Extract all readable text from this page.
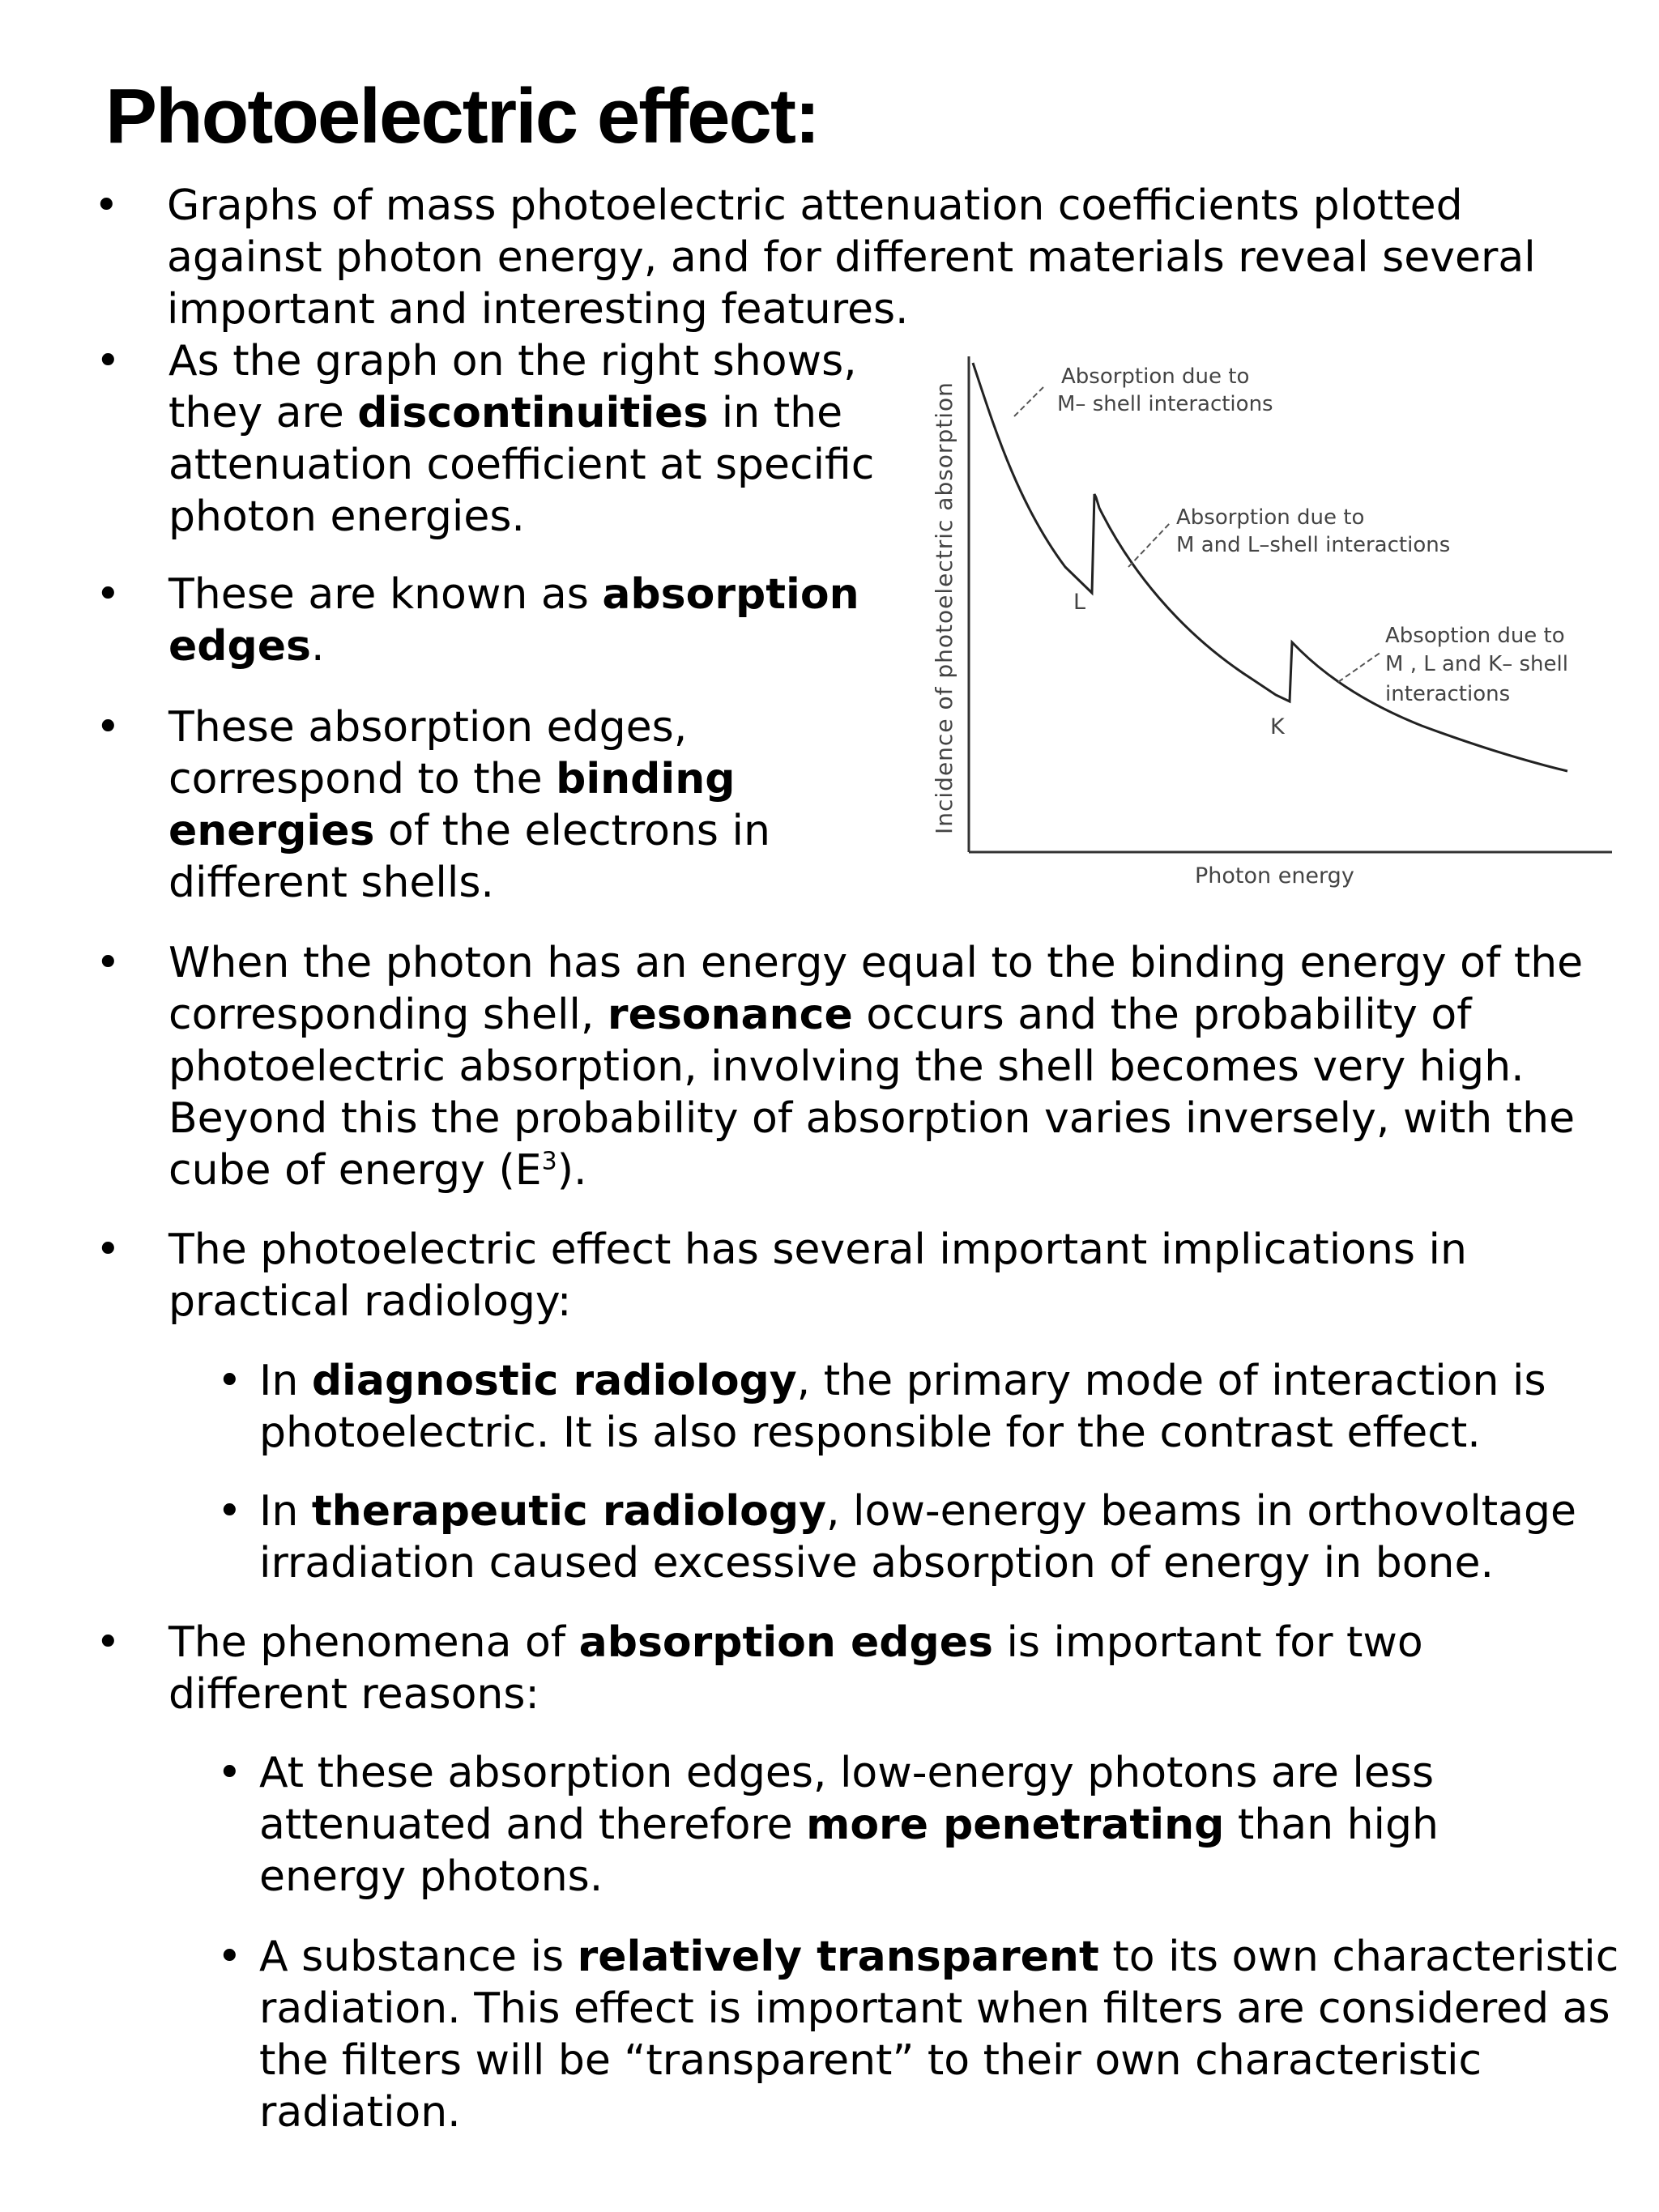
Photoelectric effect:
• Graphs of mass photoelectric attenuation coefficients plotted against photon energy, and for different materials reveal several important and interesting features.
• As the graph on the right shows, they are discontinuities in the attenuation coefficient at specific photon energies.
• These are known as absorption edges.
• These absorption edges, correspond to the binding energies of the electrons in different shells.
Incidence of photoelectric absorption
Photon energy
L
K
Absorption due to
M– shell interactions
Absorption due to
M and L–shell interactions
Absoption due to
M , L and K– shell
interactions
• When the photon has an energy equal to the binding energy of the corresponding shell, resonance occurs and the probability of photoelectric absorption, involving the shell becomes very high. Beyond this the probability of absorption varies inversely, with the cube of energy $(E^3)$.
• The photoelectric effect has several important implications in practical radiology:
• In diagnostic radiology, the primary mode of interaction is photoelectric. It is also responsible for the contrast effect.
• In therapeutic radiology, low-energy beams in orthovoltage irradiation caused excessive absorption of energy in bone.
• The phenomena of absorption edges is important for two different reasons:
• At these absorption edges, low-energy photons are less attenuated and therefore more penetrating than high energy photons.
• A substance is relatively transparent to its own characteristic radiation. This effect is important when filters are considered as the filters will be “transparent” to their own characteristic radiation.
